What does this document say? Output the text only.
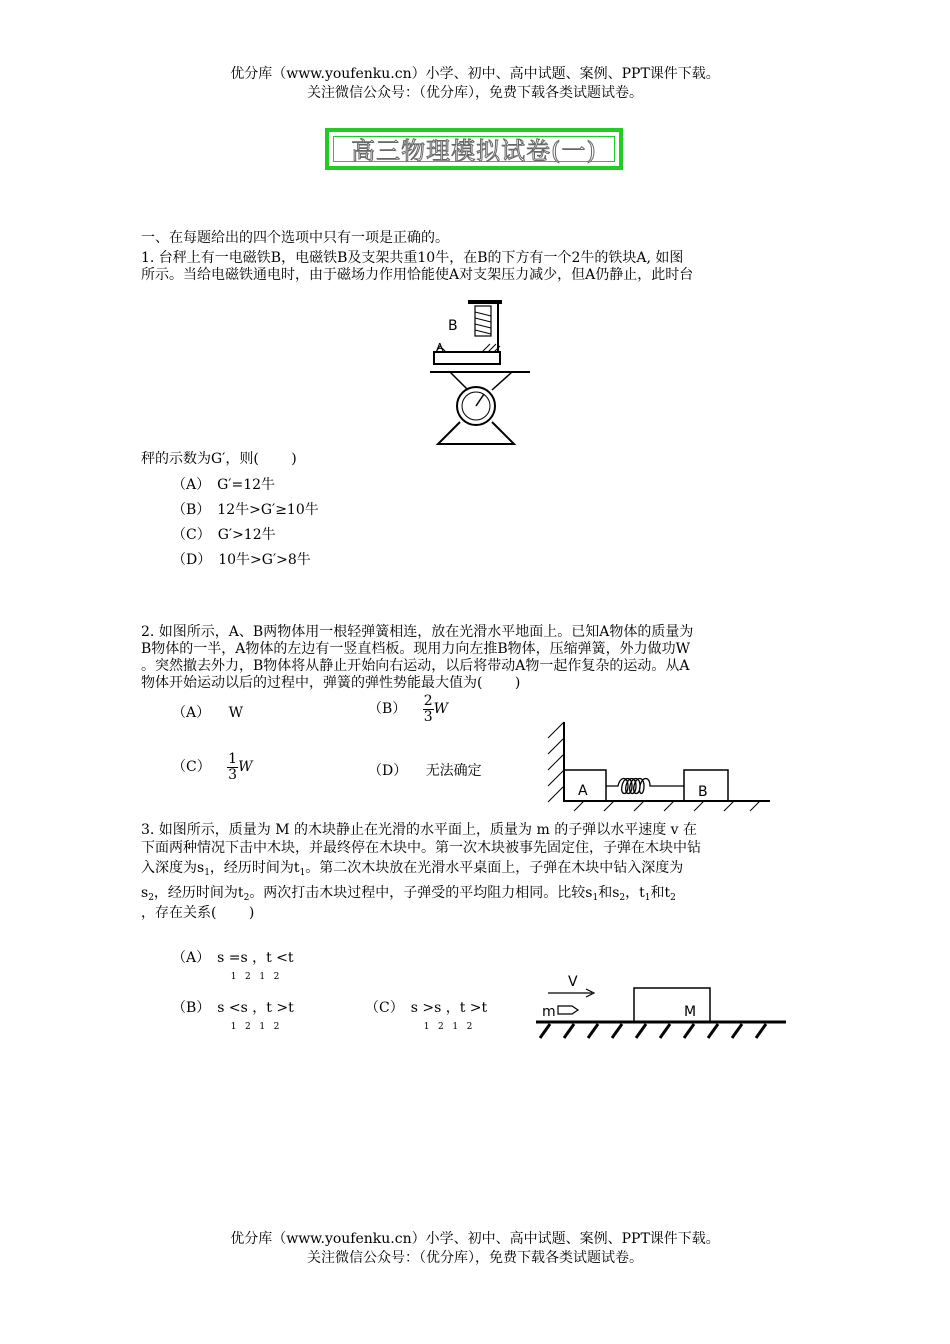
优分库（www.youfenku.cn）小学、初中、高中试题、案例、PPT课件下载。
关注微信公众号：（优分库），免费下载各类试题试卷。
高三物理模拟试卷(一)
一、在每题给出的四个选项中只有一项是正确的。
1. 台秤上有一电磁铁B，电磁铁B及支架共重10牛，在B的下方有一个2牛的铁块A, 如图
所示。当给电磁铁通电时，由于磁场力作用恰能使A对支架压力减少，但A仍静止，此时台
B
A
秤的示数为G′，则(　　 )
（A）　G′=12牛
（B）　12牛>G′≥10牛
（C）　G′>12牛
（D）　10牛>G′>8牛
2. 如图所示，A、B两物体用一根轻弹簧相连，放在光滑水平地面上。已知A物体的质量为
B物体的一半，A物体的左边有一竖直档板。现用力向左推B物体，压缩弹簧，外力做功W
。突然撤去外力，B物体将从静止开始向右运动，以后将带动A物一起作复杂的运动。从A
物体开始运动以后的过程中，弹簧的弹性势能最大值为(　　 )
（A） W	$(B) \frac{2}{3}$ W
$(C) \frac{1}{3}$ W	（D） 无法确定
A	B
3. 如图所示，质量为 M 的木块静止在光滑的水平面上，质量为 m 的子弹以水平速度 v 在
下面两种情况下击中木块，并最终停在木块中。第一次木块被事先固定住，子弹在木块中钻
入深度为$s_1$，经历时间为$t_1$。第二次木块放在光滑水平桌面上，子弹在木块中钻入深度为
$s_2$，经历时间为$t_2$。两次打击木块过程中，子弹受的平均阻力相同。比较$s_1$和$s_2$，$t_1$和$t_2$
，存在关系(　　 )
（A）　s =s ，t <t
1   2   1   2
（B）　s <s ，t >t
1   2   1   2
（C）　s >s ，t >t
1   2   1   2
V
m	M
优分库（www.youfenku.cn）小学、初中、高中试题、案例、PPT课件下载。
关注微信公众号：（优分库），免费下载各类试题试卷。
